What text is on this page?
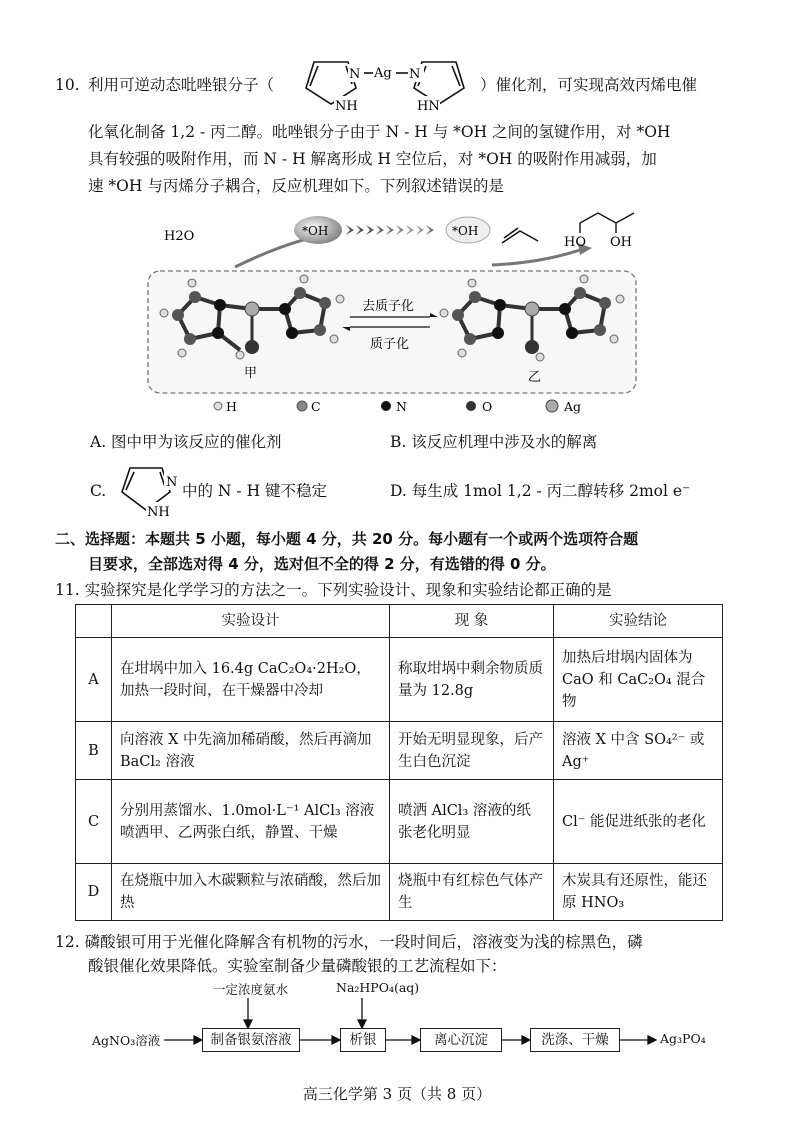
10. 利用可逆动态吡唑银分子（
N Ag N
NH	HN
）催化剂，可实现高效丙烯电催
化氧化制备 1,2 - 丙二醇。吡唑银分子由于 N - H 与 *OH 之间的氢键作用，对 *OH
具有较强的吸附作用，而 N - H 解离形成 H 空位后，对 *OH 的吸附作用减弱，加
速 *OH 与丙烯分子耦合，反应机理如下。下列叙述错误的是
H2O	*OH	*OH
HO OH
甲
去质子化
质子化
乙
H	C	N	O	Ag
A. 图中甲为该反应的催化剂	B. 该反应机理中涉及水的解离
C.	N
NH
中的 N - H 键不稳定	D. 每生成 1mol 1,2 - 丙二醇转移 2mol e⁻
二、选择题：本题共 5 小题，每小题 4 分，共 20 分。每小题有一个或两个选项符合题
目要求，全部选对得 4 分，选对但不全的得 2 分，有选错的得 0 分。
11. 实验探究是化学学习的方法之一。下列实验设计、现象和实验结论都正确的是
	实验设计	现 象	实验结论
A	在坩埚中加入 16.4g CaC₂O₄·2H₂O，加热一段时间，在干燥器中冷却	称取坩埚中剩余物质质量为 12.8g	加热后坩埚内固体为 CaO 和 CaC₂O₄ 混合物
B	向溶液 X 中先滴加稀硝酸，然后再滴加 BaCl₂ 溶液	开始无明显现象，后产生白色沉淀	溶液 X 中含 SO₄²⁻ 或 Ag⁺
C	分别用蒸馏水、1.0mol·L⁻¹ AlCl₃ 溶液喷洒甲、乙两张白纸，静置、干燥	喷洒 AlCl₃ 溶液的纸张老化明显	Cl⁻ 能促进纸张的老化
D	在烧瓶中加入木碳颗粒与浓硝酸，然后加热	烧瓶中有红棕色气体产生	木炭具有还原性，能还原 HNO₃
12. 磷酸银可用于光催化降解含有机物的污水，一段时间后，溶液变为浅的棕黑色，磷
酸银催化效果降低。实验室制备少量磷酸银的工艺流程如下：
一定浓度氨水	Na₂HPO₄(aq)
AgNO₃溶液	制备银氨溶液	析银	离心沉淀	洗涤、干燥	Ag₃PO₄
高三化学第 3 页（共 8 页）
